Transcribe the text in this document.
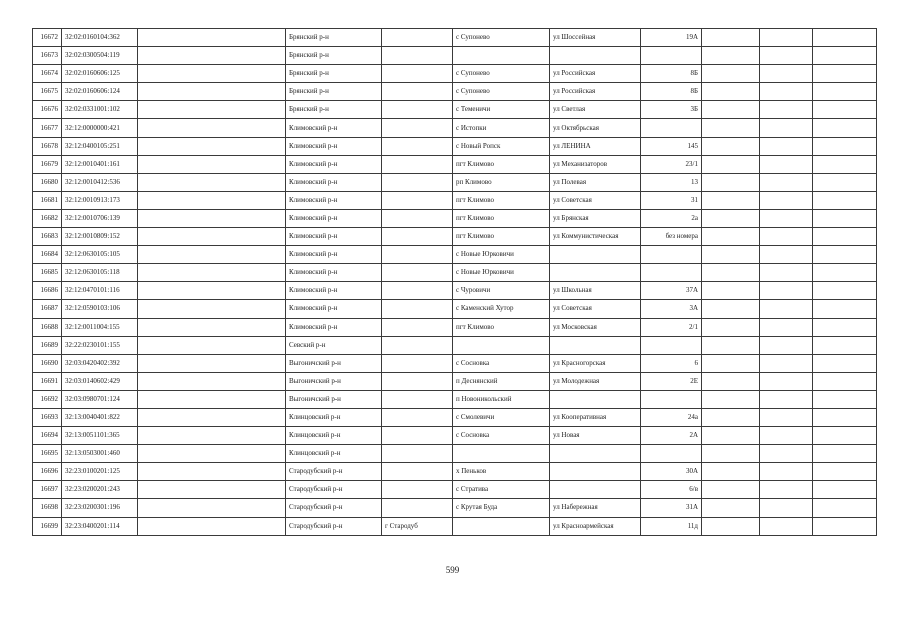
16672	32:02:0160104:362		Брянский р-н		с Супонево	ул Шоссейная	19А			
16673	32:02:0300504:119		Брянский р-н							
16674	32:02:0160606:125		Брянский р-н		с Супонево	ул Российская	8Б			
16675	32:02:0160606:124		Брянский р-н		с Супонево	ул Российская	8Б			
16676	32:02:0331001:102		Брянский р-н		с Теменичи	ул Светлая	3Б			
16677	32:12:0000000:421		Климовский р-н		с Истопки	ул Октябрьская				
16678	32:12:0400105:251		Климовский р-н		с Новый Ропск	ул ЛЕНИНА	145			
16679	32:12:0010401:161		Климовский р-н		пгт Климово	ул Механизаторов	23/1			
16680	32:12:0010412:536		Климовский р-н		рп Климово	ул Полевая	13			
16681	32:12:0010913:173		Климовский р-н		пгт Климово	ул Советская	31			
16682	32:12:0010706:139		Климовский р-н		пгт Климово	ул Брянская	2а			
16683	32:12:0010809:152		Климовский р-н		пгт Климово	ул Коммунистическая	без номера			
16684	32:12:0630105:105		Климовский р-н		с Новые Юрковичи					
16685	32:12:0630105:118		Климовский р-н		с Новые Юрковичи					
16686	32:12:0470101:116		Климовский р-н		с Чуровичи	ул Школьная	37А			
16687	32:12:0590103:106		Климовский р-н		с Каменский Хутор	ул Советская	3А			
16688	32:12:0011004:155		Климовский р-н		пгт Климово	ул Московская	2/1			
16689	32:22:0230101:155		Севский р-н							
16690	32:03:0420402:392		Выгоничский р-н		с Сосновка	ул Красногорская	6			
16691	32:03:0140602:429		Выгоничский р-н		п Деснянский	ул Молодежная	2Е			
16692	32:03:0980701:124		Выгоничский р-н		п Новоникольский					
16693	32:13:0040401:822		Клинцовский р-н		с Смолевичи	ул Кооперативная	24а			
16694	32:13:0051101:365		Клинцовский р-н		с Сосновка	ул Новая	2А			
16695	32:13:0503001:460		Клинцовский р-н							
16696	32:23:0100201:125		Стародубский р-н		х Пеньков		30А			
16697	32:23:0200201:243		Стародубский р-н		с Стратива		6/в			
16698	32:23:0200301:196		Стародубский р-н		с Крутая Буда	ул Набережная	31А			
16699	32:23:0400201:114		Стародубский р-н	г Стародуб		ул Красноармейская	11д			
599
